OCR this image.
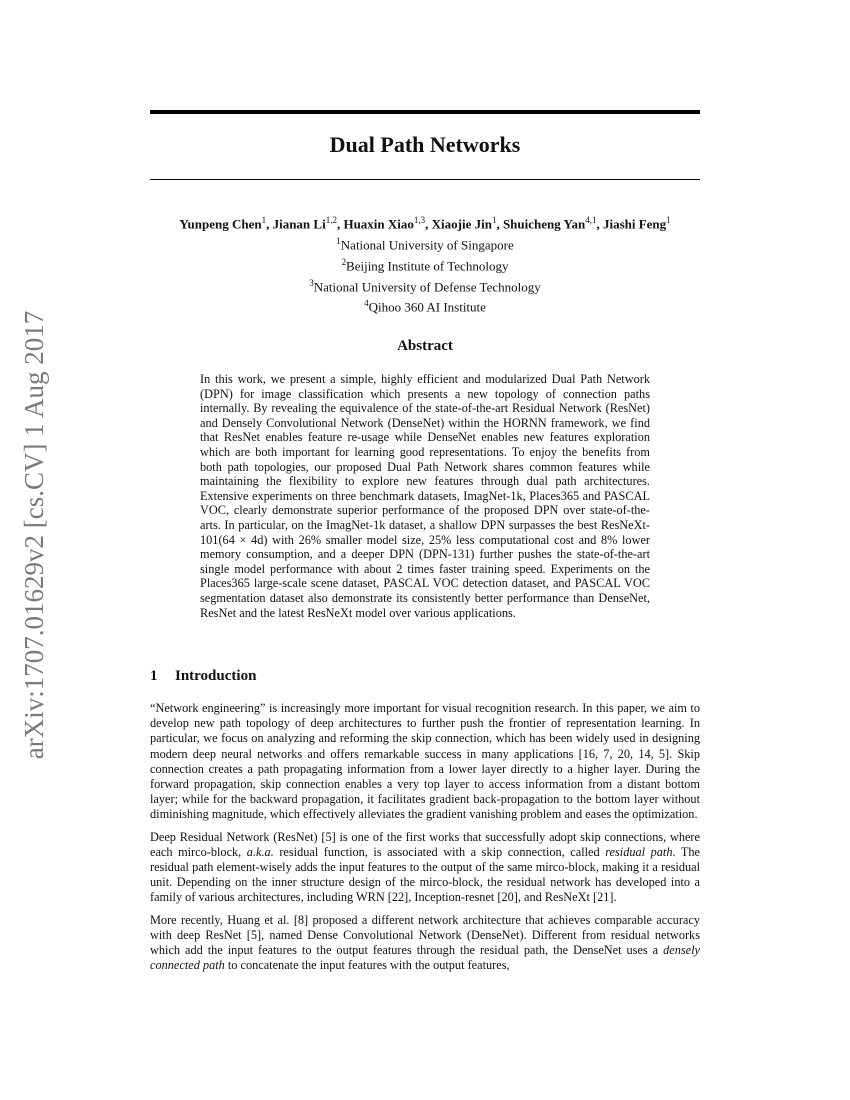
arXiv:1707.01629v2 [cs.CV] 1 Aug 2017
Dual Path Networks
Yunpeng Chen$^1$, Jianan Li$^{1,2}$, Huaxin Xiao$^{1,3}$, Xiaojie Jin$^1$, Shuicheng Yan$^{4,1}$, Jiashi Feng$^1$
$^1$National University of Singapore
$^2$Beijing Institute of Technology
$^3$National University of Defense Technology
$^4$Qihoo 360 AI Institute
Abstract

In this work, we present a simple, highly efficient and modularized Dual Path Network (DPN) for image classification which presents a new topology of connection paths internally. By revealing the equivalence of the state-of-the-art Residual Network (ResNet) and Densely Convolutional Network (DenseNet) within the HORNN framework, we find that ResNet enables feature re-usage while DenseNet enables new features exploration which are both important for learning good representations. To enjoy the benefits from both path topologies, our proposed Dual Path Network shares common features while maintaining the flexibility to explore new features through dual path architectures. Extensive experiments on three benchmark datasets, ImagNet-1k, Places365 and PASCAL VOC, clearly demonstrate superior performance of the proposed DPN over state-of-the-arts. In particular, on the ImagNet-1k dataset, a shallow DPN surpasses the best ResNeXt-101(64 × 4d) with 26% smaller model size, 25% less computational cost and 8% lower memory consumption, and a deeper DPN (DPN-131) further pushes the state-of-the-art single model performance with about 2 times faster training speed. Experiments on the Places365 large-scale scene dataset, PASCAL VOC detection dataset, and PASCAL VOC segmentation dataset also demonstrate its consistently better performance than DenseNet, ResNet and the latest ResNeXt model over various applications.

1 Introduction

“Network engineering” is increasingly more important for visual recognition research. In this paper, we aim to develop new path topology of deep architectures to further push the frontier of representation learning. In particular, we focus on analyzing and reforming the skip connection, which has been widely used in designing modern deep neural networks and offers remarkable success in many applications [16, 7, 20, 14, 5]. Skip connection creates a path propagating information from a lower layer directly to a higher layer. During the forward propagation, skip connection enables a very top layer to access information from a distant bottom layer; while for the backward propagation, it facilitates gradient back-propagation to the bottom layer without diminishing magnitude, which effectively alleviates the gradient vanishing problem and eases the optimization.

Deep Residual Network (ResNet) [5] is one of the first works that successfully adopt skip connections, where each mirco-block, a.k.a. residual function, is associated with a skip connection, called residual path. The residual path element-wisely adds the input features to the output of the same mirco-block, making it a residual unit. Depending on the inner structure design of the mirco-block, the residual network has developed into a family of various architectures, including WRN [22], Inception-resnet [20], and ResNeXt [21].

More recently, Huang et al. [8] proposed a different network architecture that achieves comparable accuracy with deep ResNet [5], named Dense Convolutional Network (DenseNet). Different from residual networks which add the input features to the output features through the residual path, the DenseNet uses a densely connected path to concatenate the input features with the output features,
